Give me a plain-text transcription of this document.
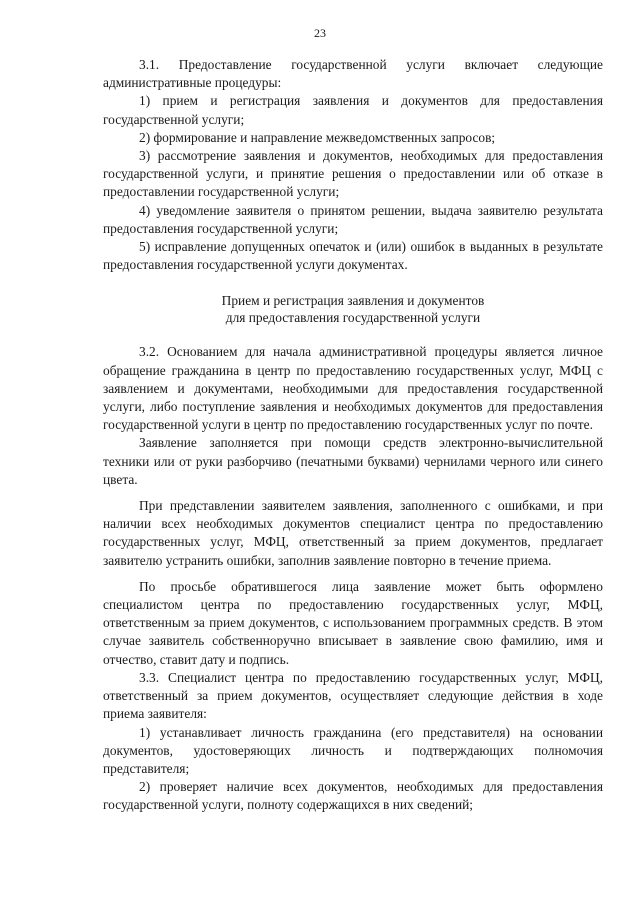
23

3.1. Предоставление государственной услуги включает следующие административные процедуры:

1) прием и регистрация заявления и документов для предоставления государственной услуги;

2) формирование и направление межведомственных запросов;

3) рассмотрение заявления и документов, необходимых для предоставления государственной услуги, и принятие решения о предоставлении или об отказе в предоставлении государственной услуги;

4) уведомление заявителя о принятом решении, выдача заявителю результата предоставления государственной услуги;

5) исправление допущенных опечаток и (или) ошибок в выданных в результате предоставления государственной услуги документах.

Прием и регистрация заявления и документов
для предоставления государственной услуги

3.2. Основанием для начала административной процедуры является личное обращение гражданина в центр по предоставлению государственных услуг, МФЦ с заявлением и документами, необходимыми для предоставления государственной услуги, либо поступление заявления и необходимых документов для предоставления государственной услуги в центр по предоставлению государственных услуг по почте.

Заявление заполняется при помощи средств электронно-вычислительной техники или от руки разборчиво (печатными буквами) чернилами черного или синего цвета.

При представлении заявителем заявления, заполненного с ошибками, и при наличии всех необходимых документов специалист центра по предоставлению государственных услуг, МФЦ, ответственный за прием документов, предлагает заявителю устранить ошибки, заполнив заявление повторно в течение приема.

По просьбе обратившегося лица заявление может быть оформлено специалистом центра по предоставлению государственных услуг, МФЦ, ответственным за прием документов, с использованием программных средств. В этом случае заявитель собственноручно вписывает в заявление свою фамилию, имя и отчество, ставит дату и подпись.

3.3. Специалист центра по предоставлению государственных услуг, МФЦ, ответственный за прием документов, осуществляет следующие действия в ходе приема заявителя:

1) устанавливает личность гражданина (его представителя) на основании документов, удостоверяющих личность и подтверждающих полномочия представителя;

2) проверяет наличие всех документов, необходимых для предоставления государственной услуги, полноту содержащихся в них сведений;
